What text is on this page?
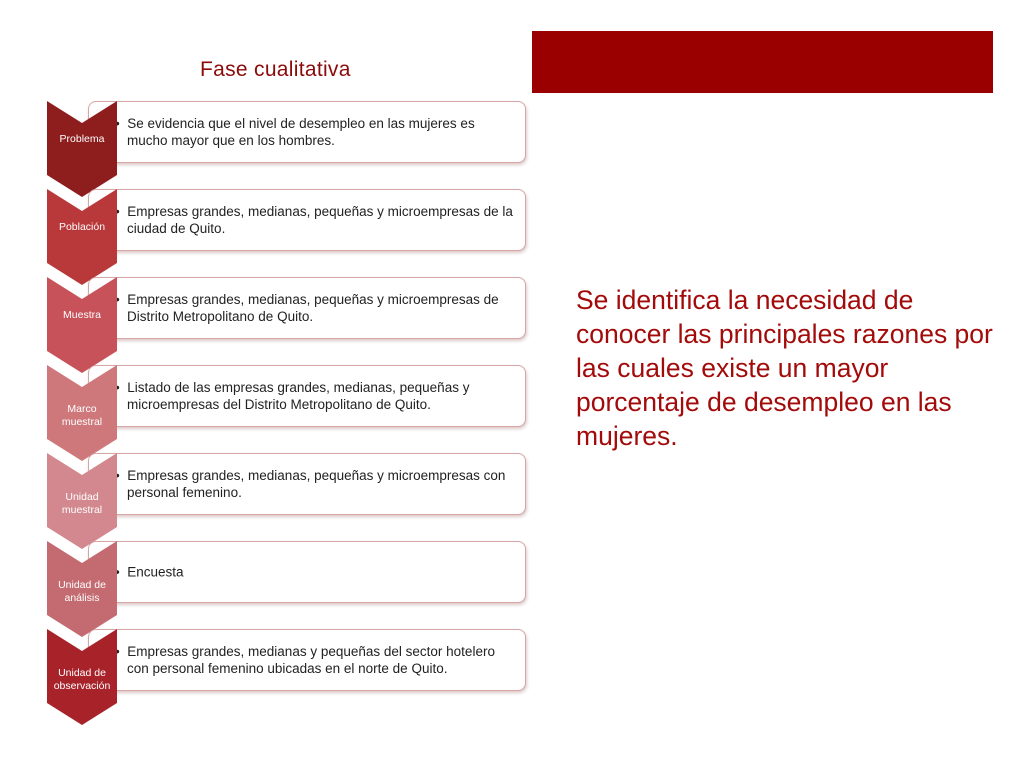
Fase cualitativa
•  Se evidencia que el nivel de desempleo en las mujeres es mucho mayor que en los hombres.
Problema
•  Empresas grandes, medianas, pequeñas y microempresas de la ciudad de Quito.
Población
•  Empresas grandes, medianas, pequeñas y microempresas de Distrito Metropolitano de Quito.
Muestra
•  Listado de las empresas grandes, medianas, pequeñas y microempresas del Distrito Metropolitano de Quito.
Marco muestral
•  Empresas grandes, medianas, pequeñas y microempresas con personal femenino.
Unidad muestral
•  Encuesta
Unidad de análisis
•  Empresas grandes, medianas y pequeñas del sector hotelero con personal femenino ubicadas en el norte de Quito.
Unidad de observación
Se identifica la necesidad de conocer las principales razones por las cuales existe un mayor porcentaje de desempleo en las mujeres.
